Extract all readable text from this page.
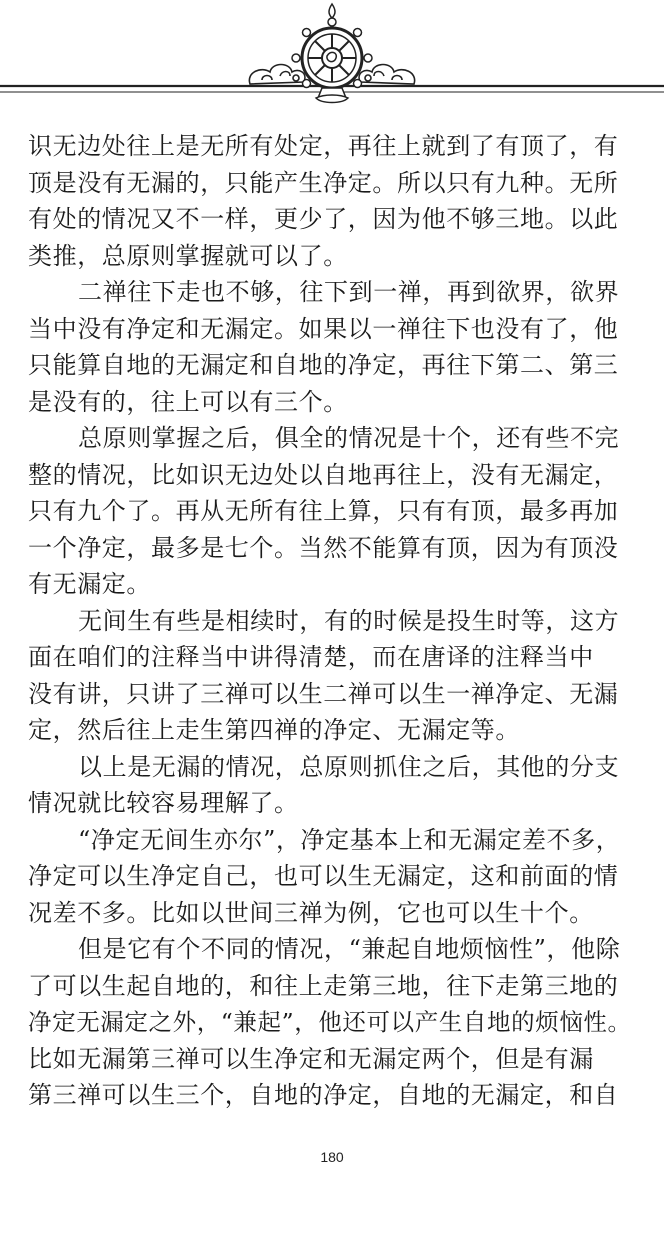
识无边处往上是无所有处定，再往上就到了有顶了，有
顶是没有无漏的，只能产生净定。所以只有九种。无所
有处的情况又不一样，更少了，因为他不够三地。以此
类推，总原则掌握就可以了。
二禅往下走也不够，往下到一禅，再到欲界，欲界
当中没有净定和无漏定。如果以一禅往下也没有了，他
只能算自地的无漏定和自地的净定，再往下第二、第三
是没有的，往上可以有三个。
总原则掌握之后，俱全的情况是十个，还有些不完
整的情况，比如识无边处以自地再往上，没有无漏定，
只有九个了。再从无所有往上算，只有有顶，最多再加
一个净定，最多是七个。当然不能算有顶，因为有顶没
有无漏定。
无间生有些是相续时，有的时候是投生时等，这方
面在咱们的注释当中讲得清楚，而在唐译的注释当中
没有讲，只讲了三禅可以生二禅可以生一禅净定、无漏
定，然后往上走生第四禅的净定、无漏定等。
以上是无漏的情况，总原则抓住之后，其他的分支
情况就比较容易理解了。
“净定无间生亦尔”，净定基本上和无漏定差不多，
净定可以生净定自己，也可以生无漏定，这和前面的情
况差不多。比如以世间三禅为例，它也可以生十个。
但是它有个不同的情况，“兼起自地烦恼性”，他除
了可以生起自地的，和往上走第三地，往下走第三地的
净定无漏定之外，“兼起”，他还可以产生自地的烦恼性。
比如无漏第三禅可以生净定和无漏定两个，但是有漏
第三禅可以生三个，自地的净定，自地的无漏定，和自
180
